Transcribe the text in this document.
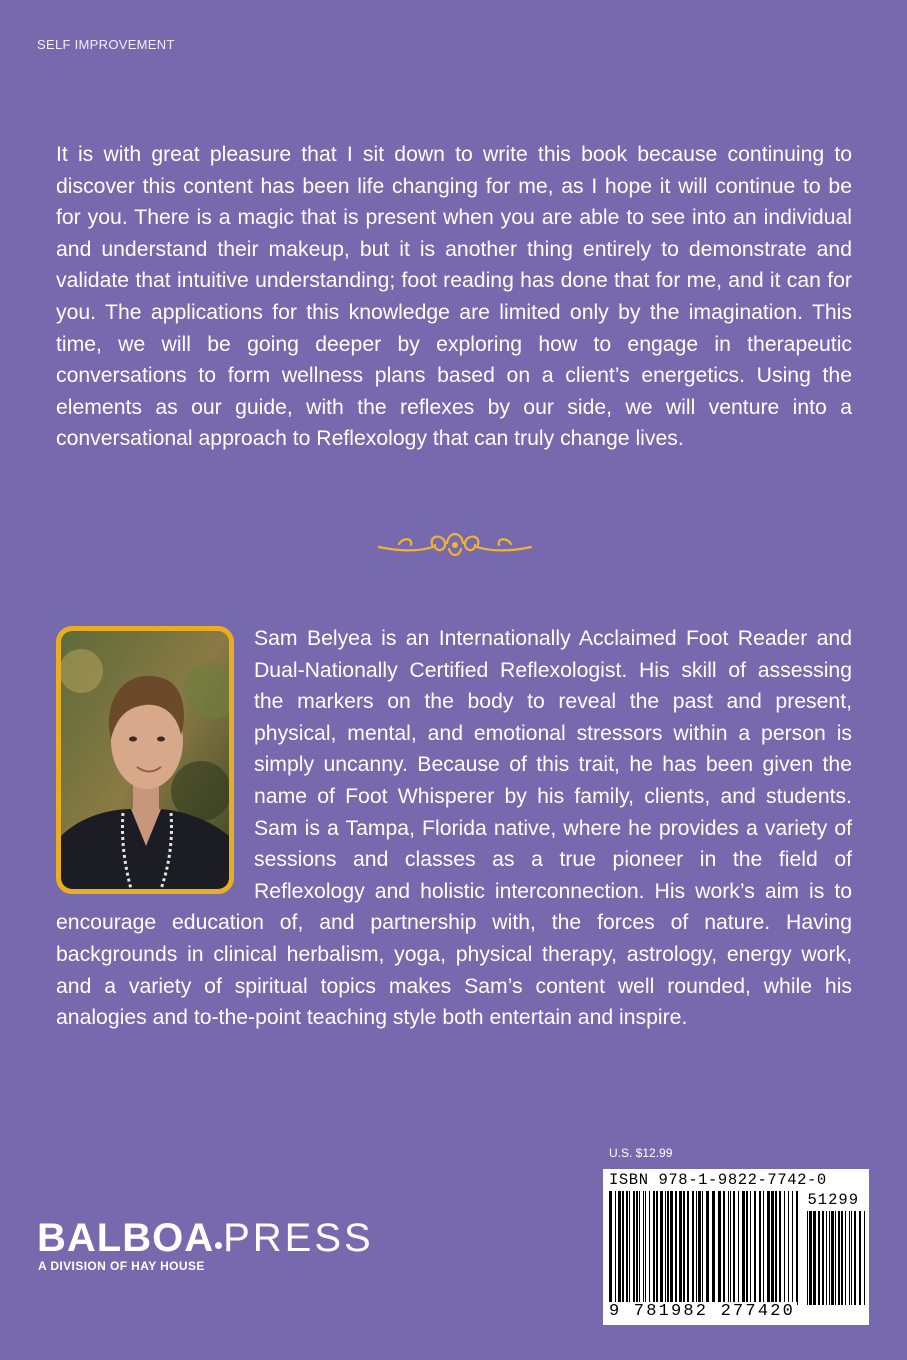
SELF IMPROVEMENT

It is with great pleasure that I sit down to write this book because continuing to discover this content has been life changing for me, as I hope it will continue to be for you. There is a magic that is present when you are able to see into an individual and understand their makeup, but it is another thing entirely to demonstrate and validate that intuitive understanding; foot reading has done that for me, and it can for you. The applications for this knowledge are limited only by the imagination. This time, we will be going deeper by exploring how to engage in therapeutic conversations to form wellness plans based on a client’s energetics. Using the elements as our guide, with the reflexes by our side, we will venture into a conversational approach to Reflexology that can truly change lives.

Sam Belyea is an Internationally Acclaimed Foot Reader and Dual-Nationally Certified Reflexologist. His skill of assessing the markers on the body to reveal the past and present, physical, mental, and emotional stressors within a person is simply uncanny. Because of this trait, he has been given the name of Foot Whisperer by his family, clients, and students. Sam is a Tampa, Florida native, where he provides a variety of sessions and classes as a true pioneer in the field of Reflexology and holistic interconnection. His work’s aim is to encourage education of, and partnership with, the forces of nature. Having backgrounds in clinical herbalism, yoga, physical therapy, astrology, energy work, and a variety of spiritual topics makes Sam’s content well rounded, while his analogies and to-the-point teaching style both entertain and inspire.

U.S. $12.99
ISBN 978-1-9822-7742-0
51299
9 781982 277420
BALBOA PRESS
A DIVISION OF HAY HOUSE
